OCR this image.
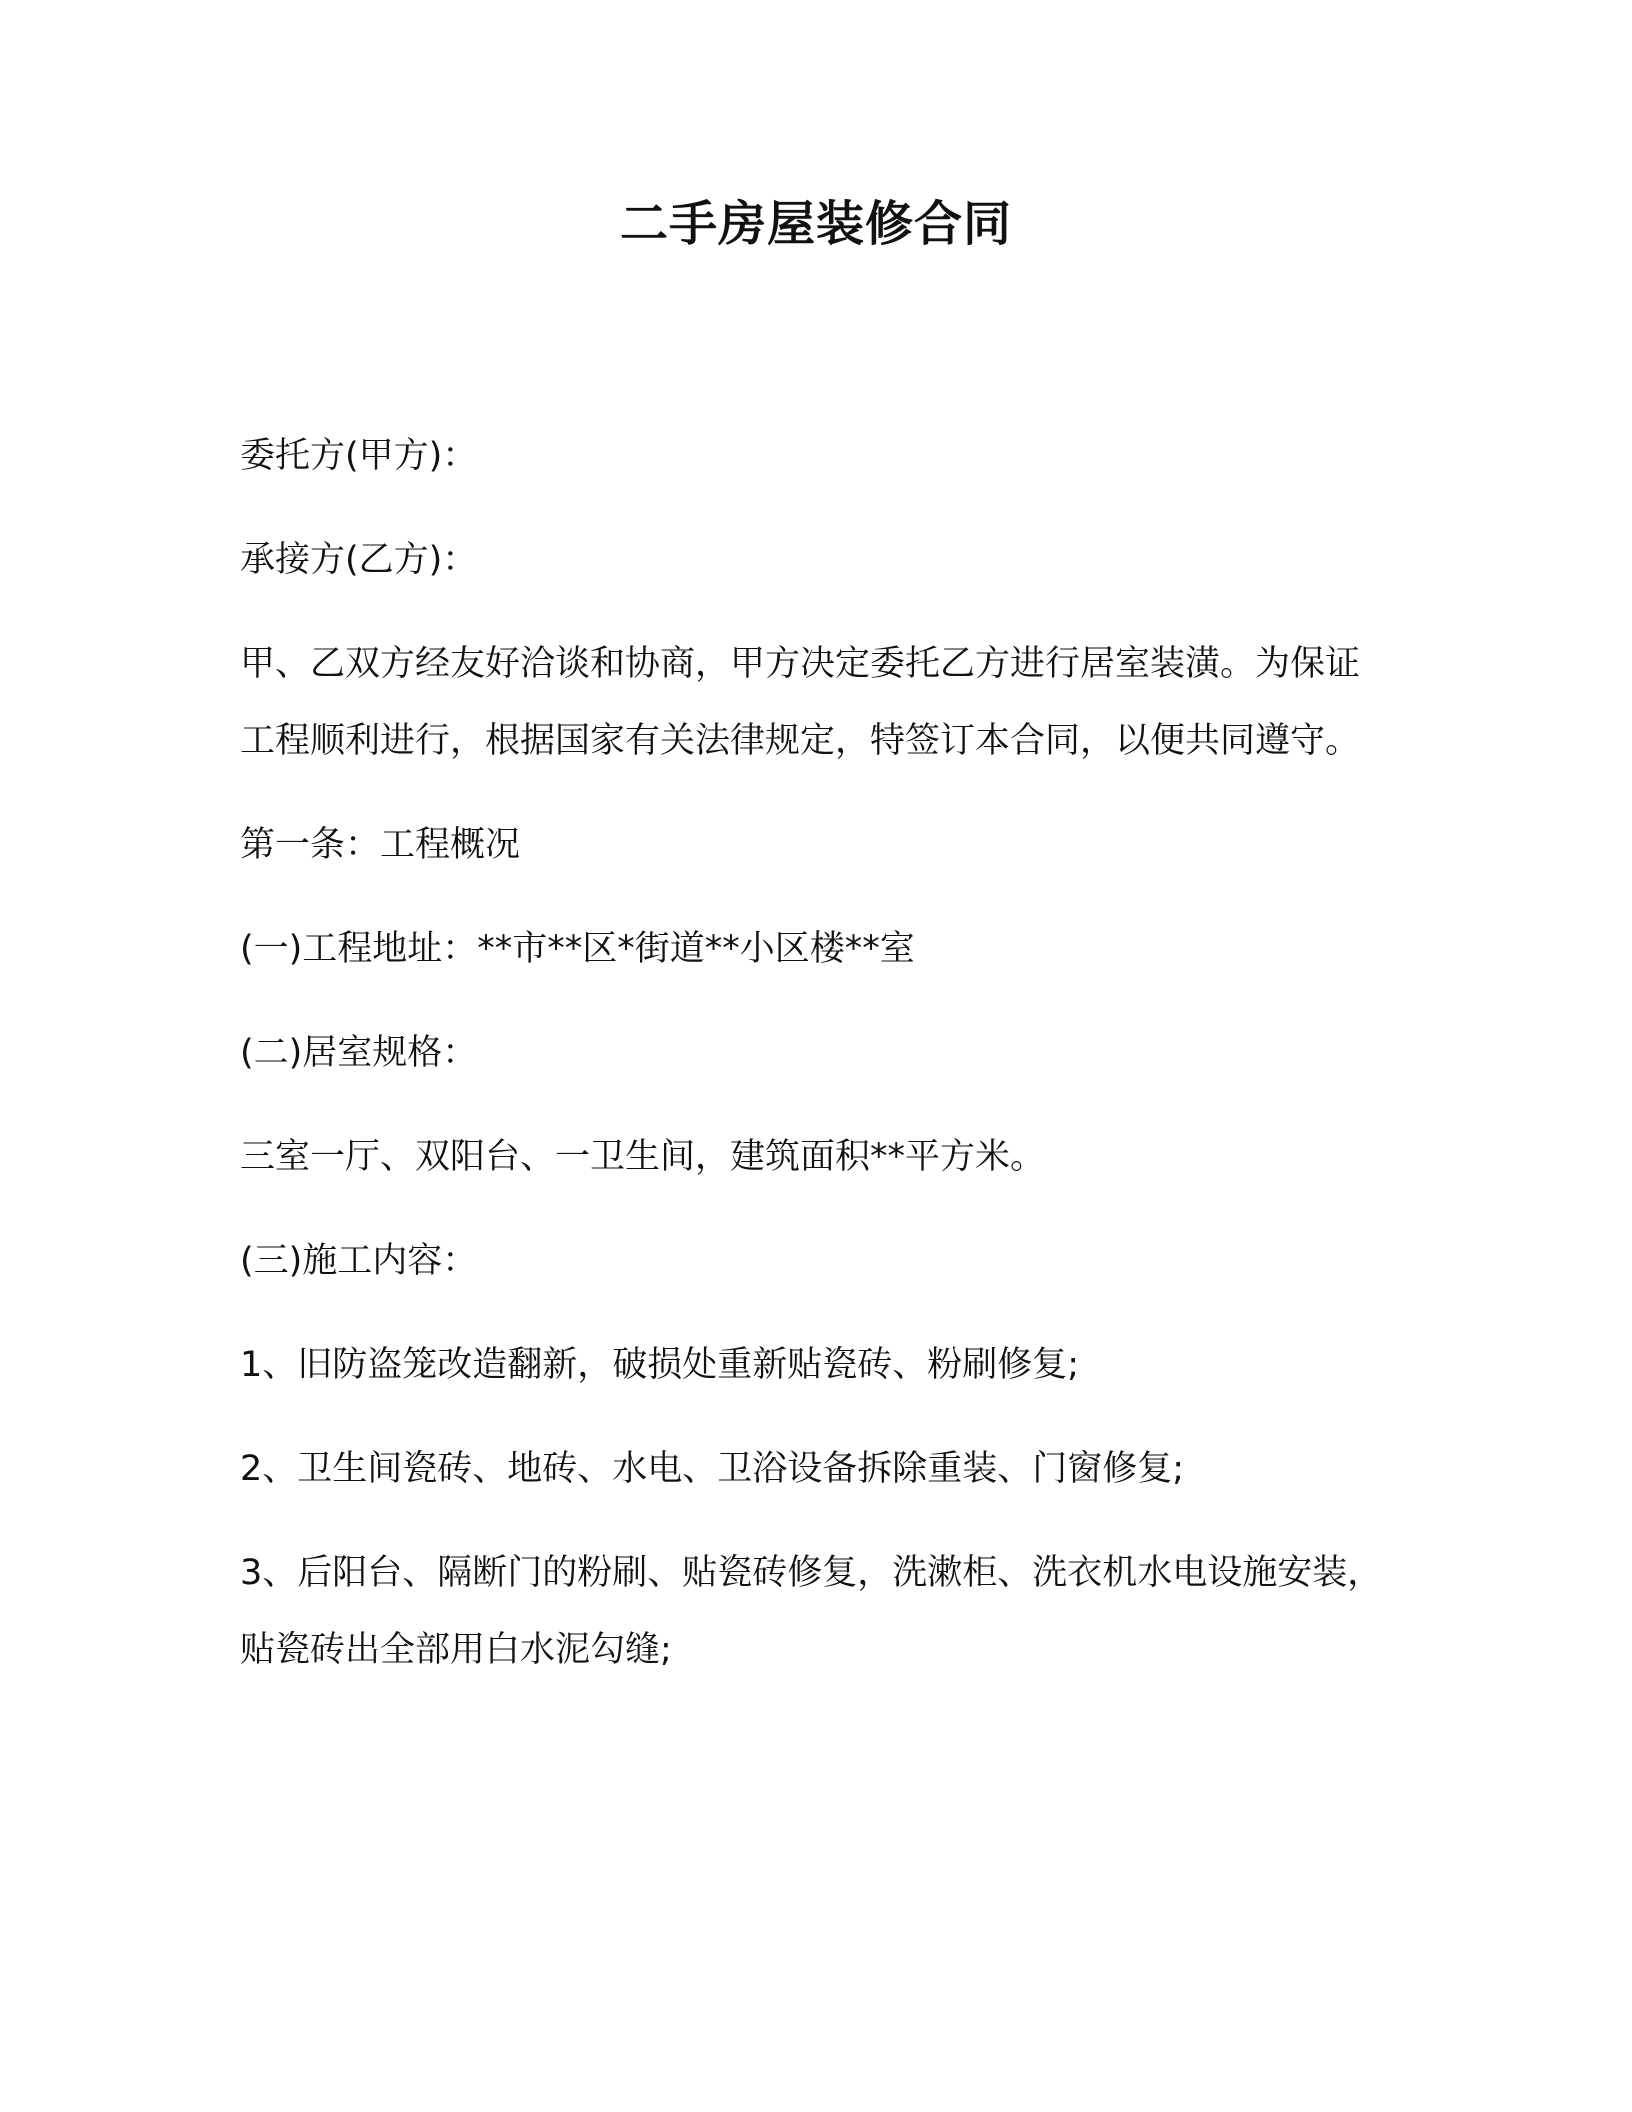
二手房屋装修合同

委托方(甲方)：

承接方(乙方)：

甲、乙双方经友好洽谈和协商，甲方决定委托乙方进行居室装潢。为保证工程顺利进行，根据国家有关法律规定，特签订本合同，以便共同遵守。

第一条：工程概况

(一)工程地址：**市**区*街道**小区楼**室

(二)居室规格：

三室一厅、双阳台、一卫生间，建筑面积**平方米。

(三)施工内容：

1、旧防盗笼改造翻新，破损处重新贴瓷砖、粉刷修复;

2、卫生间瓷砖、地砖、水电、卫浴设备拆除重装、门窗修复;

3、后阳台、隔断门的粉刷、贴瓷砖修复，洗漱柜、洗衣机水电设施安装，贴瓷砖出全部用白水泥勾缝;
